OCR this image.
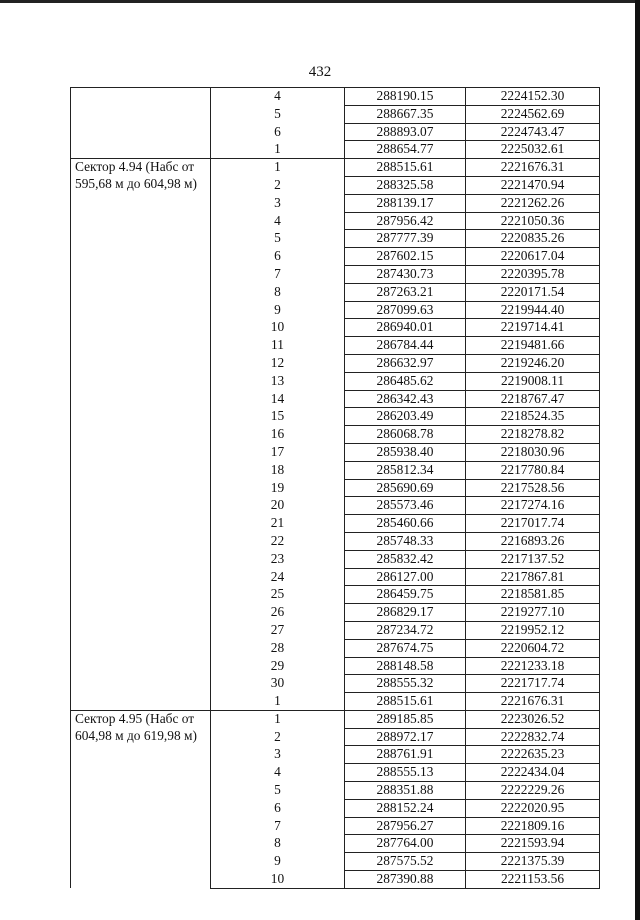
432
	4	288190.15	2224152.30
	5	288667.35	2224562.69
	6	288893.07	2224743.47
	1	288654.77	2225032.61
Сектор 4.94 (Набс от 595,68 м до 604,98 м)	1	288515.61	2221676.31
	2	288325.58	2221470.94
	3	288139.17	2221262.26
	4	287956.42	2221050.36
	5	287777.39	2220835.26
	6	287602.15	2220617.04
	7	287430.73	2220395.78
	8	287263.21	2220171.54
	9	287099.63	2219944.40
	10	286940.01	2219714.41
	11	286784.44	2219481.66
	12	286632.97	2219246.20
	13	286485.62	2219008.11
	14	286342.43	2218767.47
	15	286203.49	2218524.35
	16	286068.78	2218278.82
	17	285938.40	2218030.96
	18	285812.34	2217780.84
	19	285690.69	2217528.56
	20	285573.46	2217274.16
	21	285460.66	2217017.74
	22	285748.33	2216893.26
	23	285832.42	2217137.52
	24	286127.00	2217867.81
	25	286459.75	2218581.85
	26	286829.17	2219277.10
	27	287234.72	2219952.12
	28	287674.75	2220604.72
	29	288148.58	2221233.18
	30	288555.32	2221717.74
	1	288515.61	2221676.31
Сектор 4.95 (Набс от 604,98 м до 619,98 м)	1	289185.85	2223026.52
	2	288972.17	2222832.74
	3	288761.91	2222635.23
	4	288555.13	2222434.04
	5	288351.88	2222229.26
	6	288152.24	2222020.95
	7	287956.27	2221809.16
	8	287764.00	2221593.94
	9	287575.52	2221375.39
	10	287390.88	2221153.56
